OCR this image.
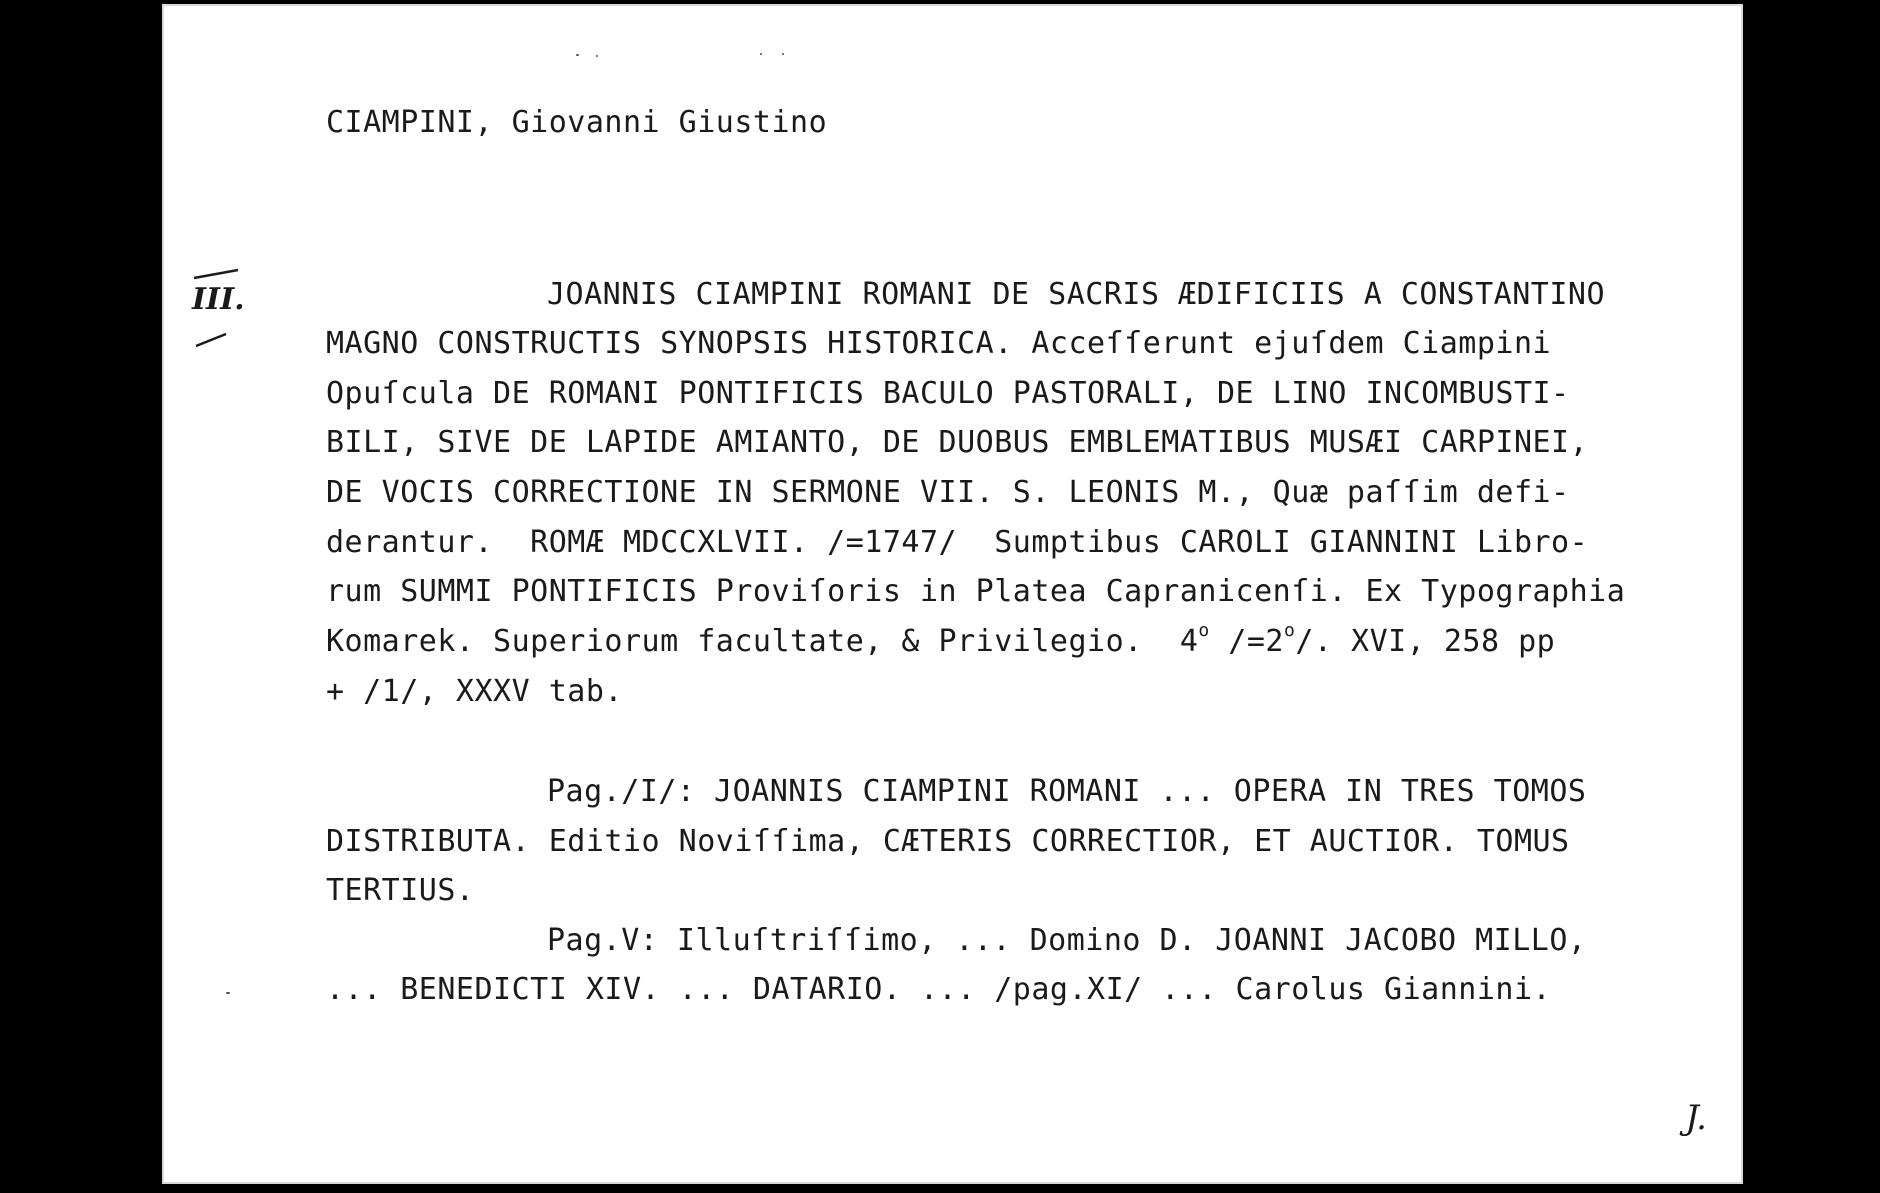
III.
CIAMPINI, Giovanni Giustino
JOANNIS CIAMPINI ROMANI DE SACRIS ÆDIFICIIS A CONSTANTINO
MAGNO CONSTRUCTIS SYNOPSIS HISTORICA. Acceſſerunt ejuſdem Ciampini
Opuſcula DE ROMANI PONTIFICIS BACULO PASTORALI, DE LINO INCOMBUSTI-
BILI, SIVE DE LAPIDE AMIANTO, DE DUOBUS EMBLEMATIBUS MUSÆI CARPINEI,
DE VOCIS CORRECTIONE IN SERMONE VII. S. LEONIS M., Quæ paſſim defi-
derantur.  ROMÆ MDCCXLVII. /=1747/  Sumptibus CAROLI GIANNINI Libro-
rum SUMMI PONTIFICIS Proviſoris in Platea Capranicenſi. Ex Typographia
Komarek. Superiorum facultate, & Privilegio. 4$^o$ $/=2^o/$. XVI, 258 pp
+ /1/, XXXV tab.
Pag./I/: JOANNIS CIAMPINI ROMANI ... OPERA IN TRES TOMOS
DISTRIBUTA. Editio Noviſſima, CÆTERIS CORRECTIOR, ET AUCTIOR. TOMUS
TERTIUS.
Pag.V: Illuſtriſſimo, ... Domino D. JOANNI JACOBO MILLO,
... BENEDICTI XIV. ... DATARIO. ... /pag.XI/ ... Carolus Giannini.
J.
